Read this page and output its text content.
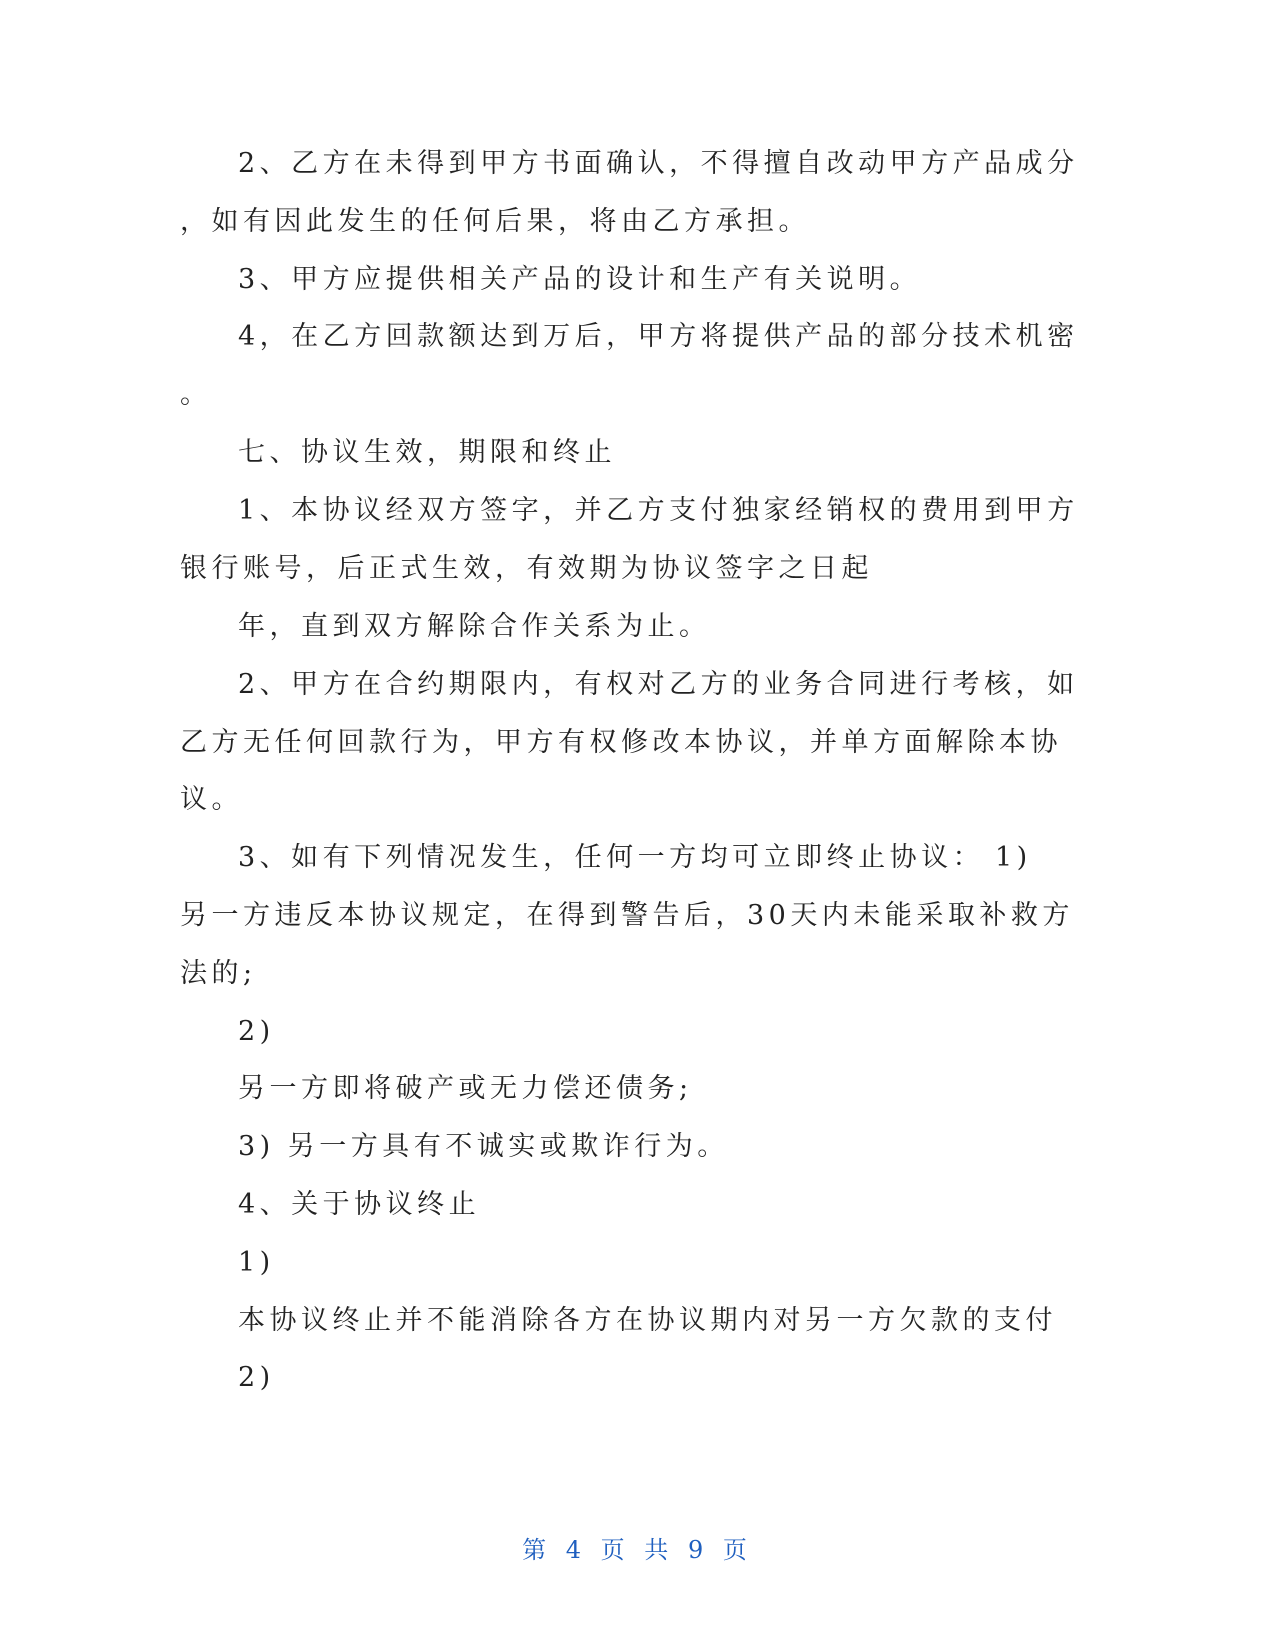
2、乙方在未得到甲方书面确认，不得擅自改动甲方产品成分
，如有因此发生的任何后果，将由乙方承担。
3、甲方应提供相关产品的设计和生产有关说明。
4，在乙方回款额达到万后，甲方将提供产品的部分技术机密
。
七、协议生效，期限和终止
1、本协议经双方签字，并乙方支付独家经销权的费用到甲方
银行账号，后正式生效，有效期为协议签字之日起
年，直到双方解除合作关系为止。
2、甲方在合约期限内，有权对乙方的业务合同进行考核，如
乙方无任何回款行为，甲方有权修改本协议，并单方面解除本协
议。
3、如有下列情况发生，任何一方均可立即终止协议： 1)
另一方违反本协议规定，在得到警告后，30天内未能采取补救方
法的;
2)
另一方即将破产或无力偿还债务;
3) 另一方具有不诚实或欺诈行为。
4、关于协议终止
1)
本协议终止并不能消除各方在协议期内对另一方欠款的支付
2)
第 4 页 共 9 页
